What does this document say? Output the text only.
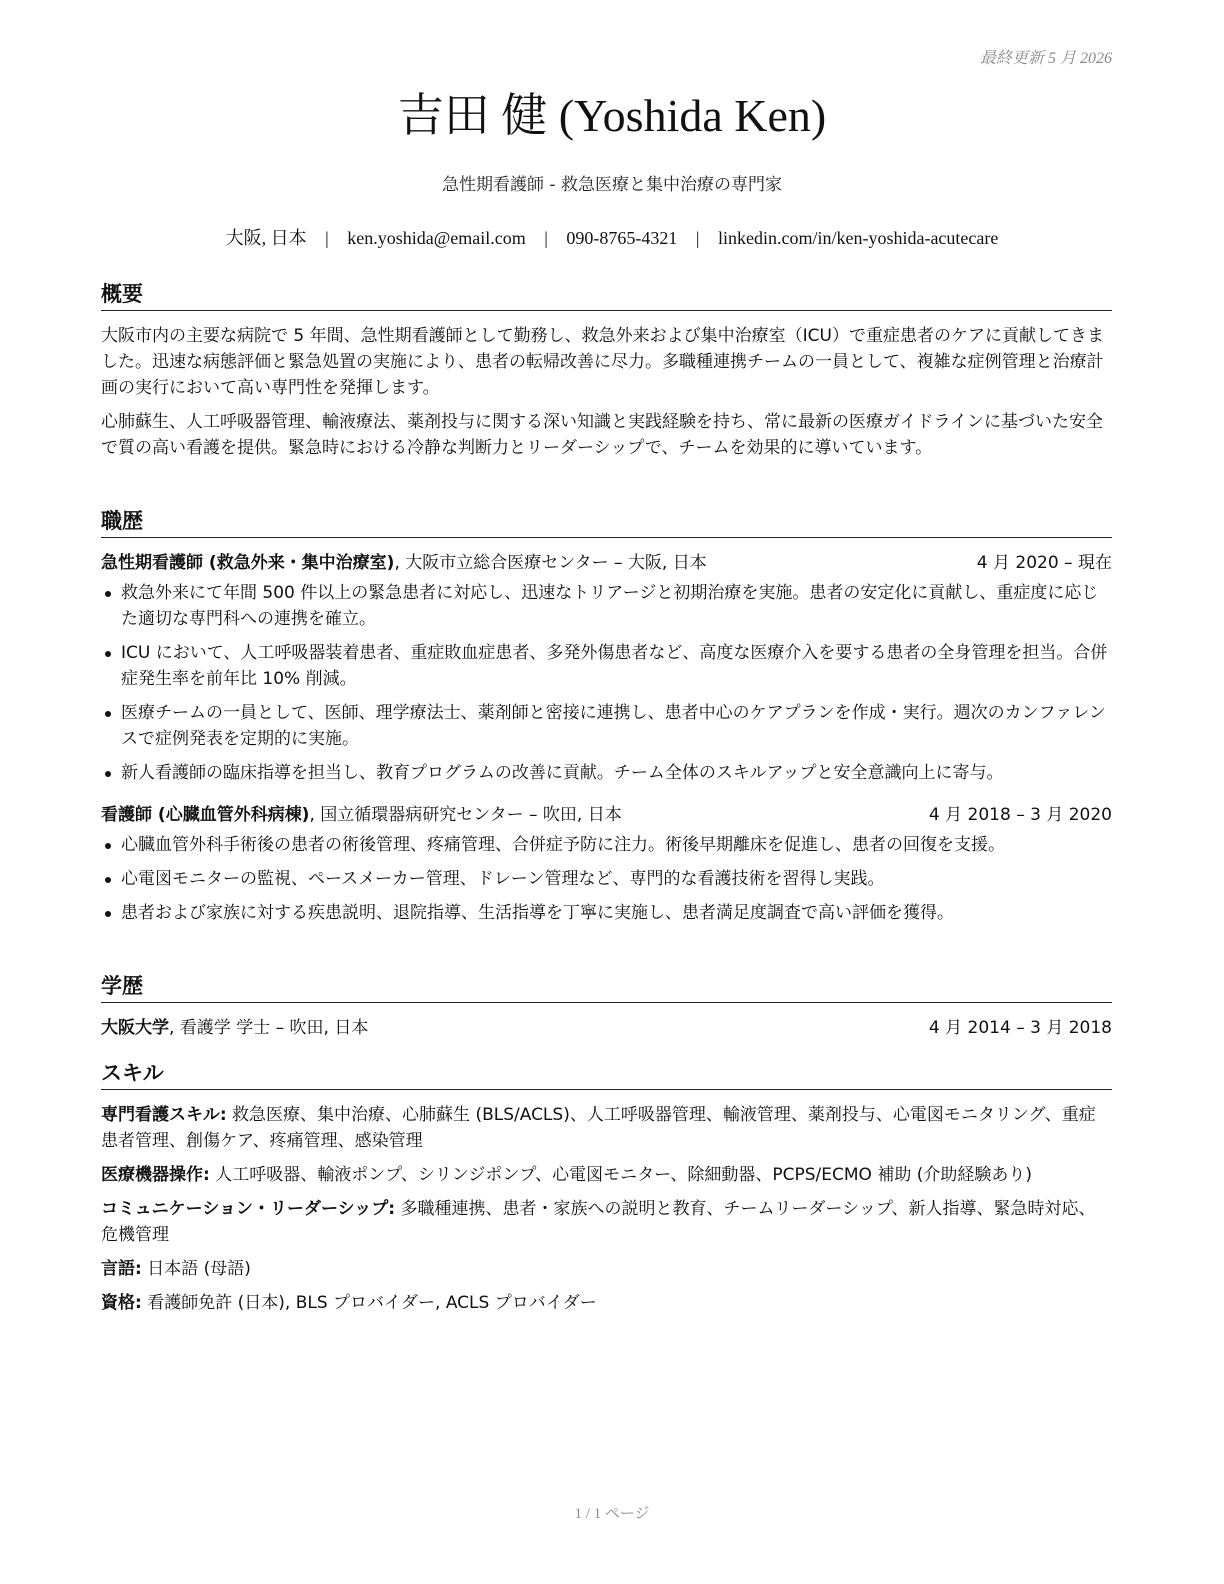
最終更新 5 月 2026
吉田 健 (Yoshida Ken)
急性期看護師 - 救急医療と集中治療の専門家
大阪, 日本 | ken.yoshida@email.com | 090-8765-4321 | linkedin.com/in/ken-yoshida-acutecare
概要

大阪市内の主要な病院で 5 年間、急性期看護師として勤務し、救急外来および集中治療室（ICU）で重症患者のケアに貢献してきました。迅速な病態評価と緊急処置の実施により、患者の転帰改善に尽力。多職種連携チームの一員として、複雑な症例管理と治療計画の実行において高い専門性を発揮します。

心肺蘇生、人工呼吸器管理、輸液療法、薬剤投与に関する深い知識と実践経験を持ち、常に最新の医療ガイドラインに基づいた安全で質の高い看護を提供。緊急時における冷静な判断力とリーダーシップで、チームを効果的に導いています。

職歴
急性期看護師 (救急外来・集中治療室), 大阪市立総合医療センター – 大阪, 日本	4 月 2020 – 現在
救急外来にて年間 500 件以上の緊急患者に対応し、迅速なトリアージと初期治療を実施。患者の安定化に貢献し、重症度に応じた適切な専門科への連携を確立。
ICU において、人工呼吸器装着患者、重症敗血症患者、多発外傷患者など、高度な医療介入を要する患者の全身管理を担当。合併症発生率を前年比 10% 削減。
医療チームの一員として、医師、理学療法士、薬剤師と密接に連携し、患者中心のケアプランを作成・実行。週次のカンファレンスで症例発表を定期的に実施。
新人看護師の臨床指導を担当し、教育プログラムの改善に貢献。チーム全体のスキルアップと安全意識向上に寄与。
看護師 (心臓血管外科病棟), 国立循環器病研究センター – 吹田, 日本	4 月 2018 – 3 月 2020
心臓血管外科手術後の患者の術後管理、疼痛管理、合併症予防に注力。術後早期離床を促進し、患者の回復を支援。
心電図モニターの監視、ペースメーカー管理、ドレーン管理など、専門的な看護技術を習得し実践。
患者および家族に対する疾患説明、退院指導、生活指導を丁寧に実施し、患者満足度調査で高い評価を獲得。
学歴
大阪大学, 看護学 学士 – 吹田, 日本	4 月 2014 – 3 月 2018
スキル
専門看護スキル: 救急医療、集中治療、心肺蘇生 (BLS/ACLS)、人工呼吸器管理、輸液管理、薬剤投与、心電図モニタリング、重症患者管理、創傷ケア、疼痛管理、感染管理
医療機器操作: 人工呼吸器、輸液ポンプ、シリンジポンプ、心電図モニター、除細動器、PCPS/ECMO 補助 (介助経験あり)
コミュニケーション・リーダーシップ: 多職種連携、患者・家族への説明と教育、チームリーダーシップ、新人指導、緊急時対応、危機管理
言語: 日本語 (母語)
資格: 看護師免許 (日本), BLS プロバイダー, ACLS プロバイダー
1 / 1 ページ
